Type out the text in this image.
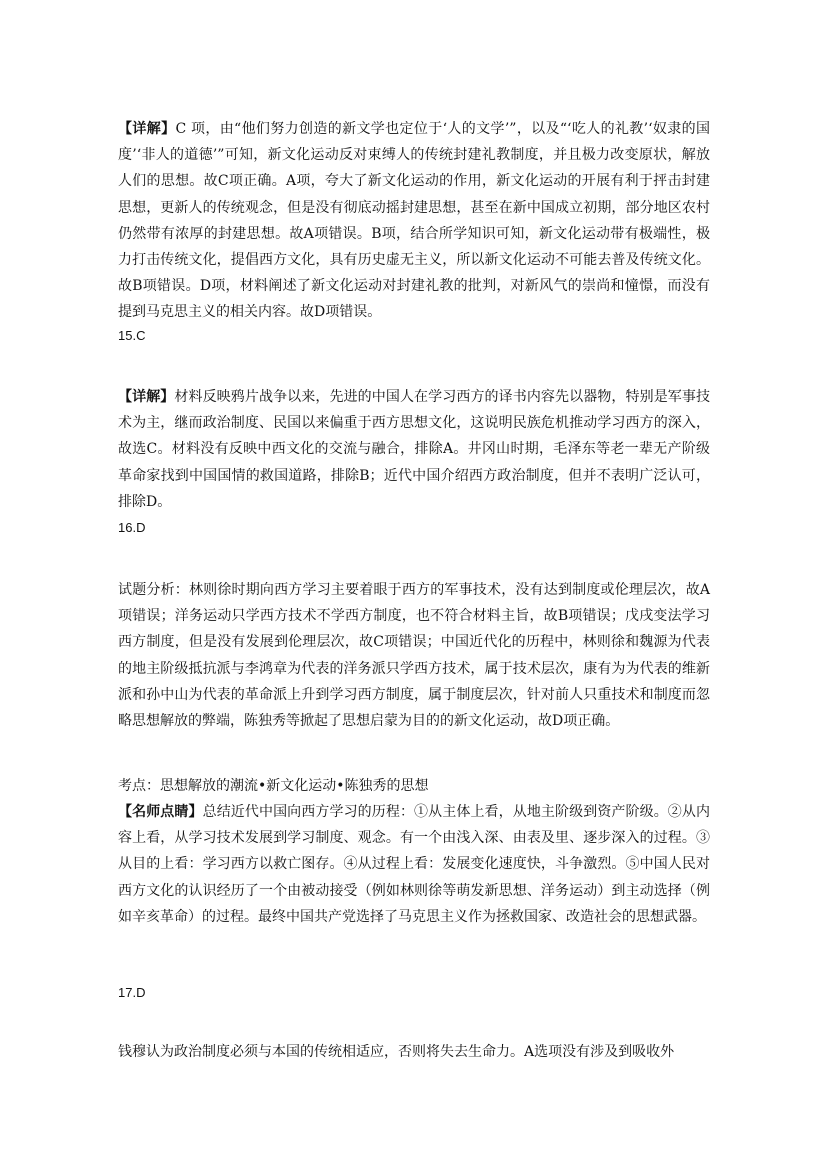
【详解】C 项，由“他们努力创造的新文学也定位于‘人的文学’”，以及“‘吃人的礼教’‘奴隶的国度’‘非人的道德’”可知，新文化运动反对束缚人的传统封建礼教制度，并且极力改变原状，解放人们的思想。故C项正确。A项，夸大了新文化运动的作用，新文化运动的开展有利于抨击封建思想，更新人的传统观念，但是没有彻底动摇封建思想，甚至在新中国成立初期，部分地区农村仍然带有浓厚的封建思想。故A项错误。B项，结合所学知识可知，新文化运动带有极端性，极力打击传统文化，提倡西方文化，具有历史虚无主义，所以新文化运动不可能去普及传统文化。故B项错误。D项，材料阐述了新文化运动对封建礼教的批判，对新风气的崇尚和憧憬，而没有提到马克思主义的相关内容。故D项错误。

15.C

【详解】材料反映鸦片战争以来，先进的中国人在学习西方的译书内容先以器物，特别是军事技术为主，继而政治制度、民国以来偏重于西方思想文化，这说明民族危机推动学习西方的深入，故选C。材料没有反映中西文化的交流与融合，排除A。井冈山时期，毛泽东等老一辈无产阶级革命家找到中国国情的救国道路，排除B；近代中国介绍西方政治制度，但并不表明广泛认可，排除D。

16.D

试题分析：林则徐时期向西方学习主要着眼于西方的军事技术，没有达到制度或伦理层次，故A项错误；洋务运动只学西方技术不学西方制度，也不符合材料主旨，故B项错误；戊戌变法学习西方制度，但是没有发展到伦理层次，故C项错误；中国近代化的历程中，林则徐和魏源为代表的地主阶级抵抗派与李鸿章为代表的洋务派只学西方技术，属于技术层次，康有为为代表的维新派和孙中山为代表的革命派上升到学习西方制度，属于制度层次，针对前人只重技术和制度而忽略思想解放的弊端，陈独秀等掀起了思想启蒙为目的的新文化运动，故D项正确。

考点：思想解放的潮流•新文化运动•陈独秀的思想

【名师点睛】总结近代中国向西方学习的历程：①从主体上看，从地主阶级到资产阶级。②从内容上看，从学习技术发展到学习制度、观念。有一个由浅入深、由表及里、逐步深入的过程。③从目的上看：学习西方以救亡图存。④从过程上看：发展变化速度快，斗争激烈。⑤中国人民对西方文化的认识经历了一个由被动接受（例如林则徐等萌发新思想、洋务运动）到主动选择（例如辛亥革命）的过程。最终中国共产党选择了马克思主义作为拯救国家、改造社会的思想武器。

17.D

钱穆认为政治制度必须与本国的传统相适应，否则将失去生命力。A选项没有涉及到吸收外
